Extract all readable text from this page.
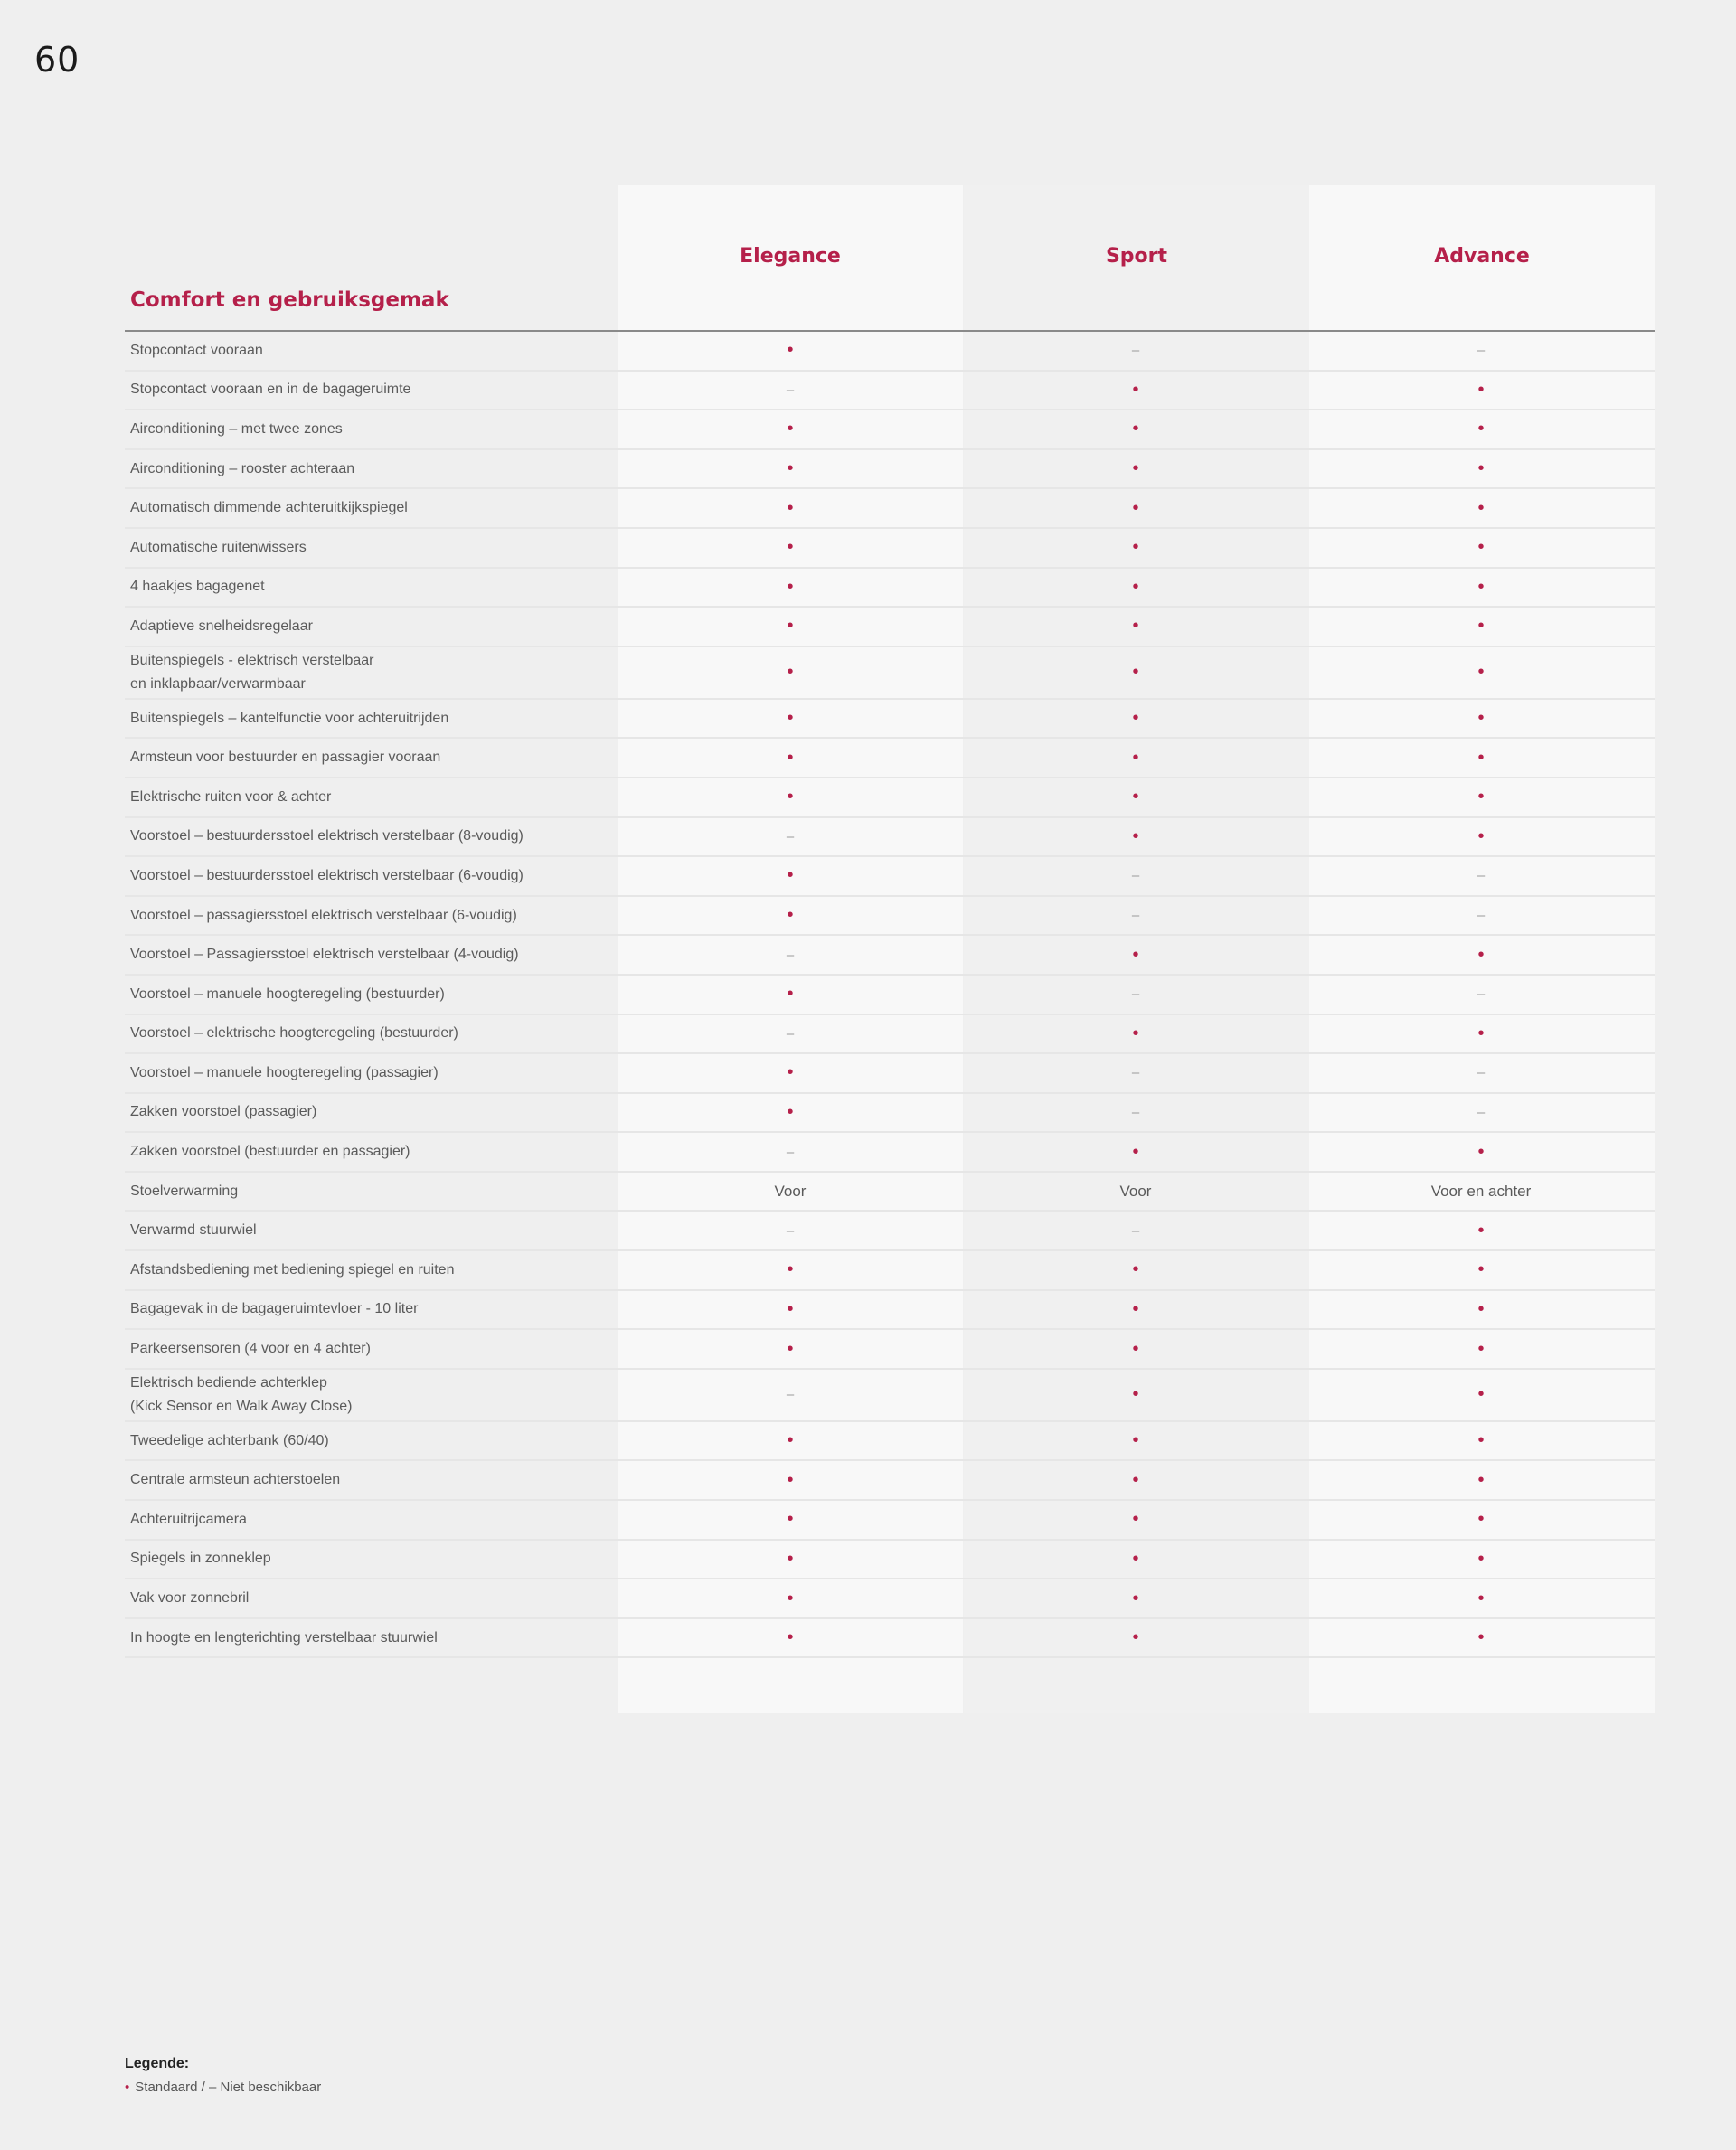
60
Comfort en gebruiksgemak
Elegance	Sport	Advance
Stopcontact vooraan	•	–	–
Stopcontact vooraan en in de bagageruimte	–	•	•
Airconditioning – met twee zones	•	•	•
Airconditioning – rooster achteraan	•	•	•
Automatisch dimmende achteruitkijkspiegel	•	•	•
Automatische ruitenwissers	•	•	•
4 haakjes bagagenet	•	•	•
Adaptieve snelheidsregelaar	•	•	•
Buitenspiegels - elektrisch verstelbaar
en inklapbaar/verwarmbaar
•	•	•
Buitenspiegels – kantelfunctie voor achteruitrijden	•	•	•
Armsteun voor bestuurder en passagier vooraan	•	•	•
Elektrische ruiten voor & achter	•	•	•
Voorstoel – bestuurdersstoel elektrisch verstelbaar (8-voudig)	–	•	•
Voorstoel – bestuurdersstoel elektrisch verstelbaar (6-voudig)	•	–	–
Voorstoel – passagiersstoel elektrisch verstelbaar (6-voudig)	•	–	–
Voorstoel – Passagiersstoel elektrisch verstelbaar (4-voudig)	–	•	•
Voorstoel – manuele hoogteregeling (bestuurder)	•	–	–
Voorstoel – elektrische hoogteregeling (bestuurder)	–	•	•
Voorstoel – manuele hoogteregeling (passagier)	•	–	–
Zakken voorstoel (passagier)	•	–	–
Zakken voorstoel (bestuurder en passagier)	–	•	•
Stoelverwarming	Voor	Voor	Voor en achter
Verwarmd stuurwiel	–	–	•
Afstandsbediening met bediening spiegel en ruiten	•	•	•
Bagagevak in de bagageruimtevloer - 10 liter	•	•	•
Parkeersensoren (4 voor en 4 achter)	•	•	•
Elektrisch bediende achterklep
(Kick Sensor en Walk Away Close)
–	•	•
Tweedelige achterbank (60/40)	•	•	•
Centrale armsteun achterstoelen	•	•	•
Achteruitrijcamera	•	•	•
Spiegels in zonneklep	•	•	•
Vak voor zonnebril	•	•	•
In hoogte en lengterichting verstelbaar stuurwiel	•	•	•
Legende:
• Standaard / – Niet beschikbaar
